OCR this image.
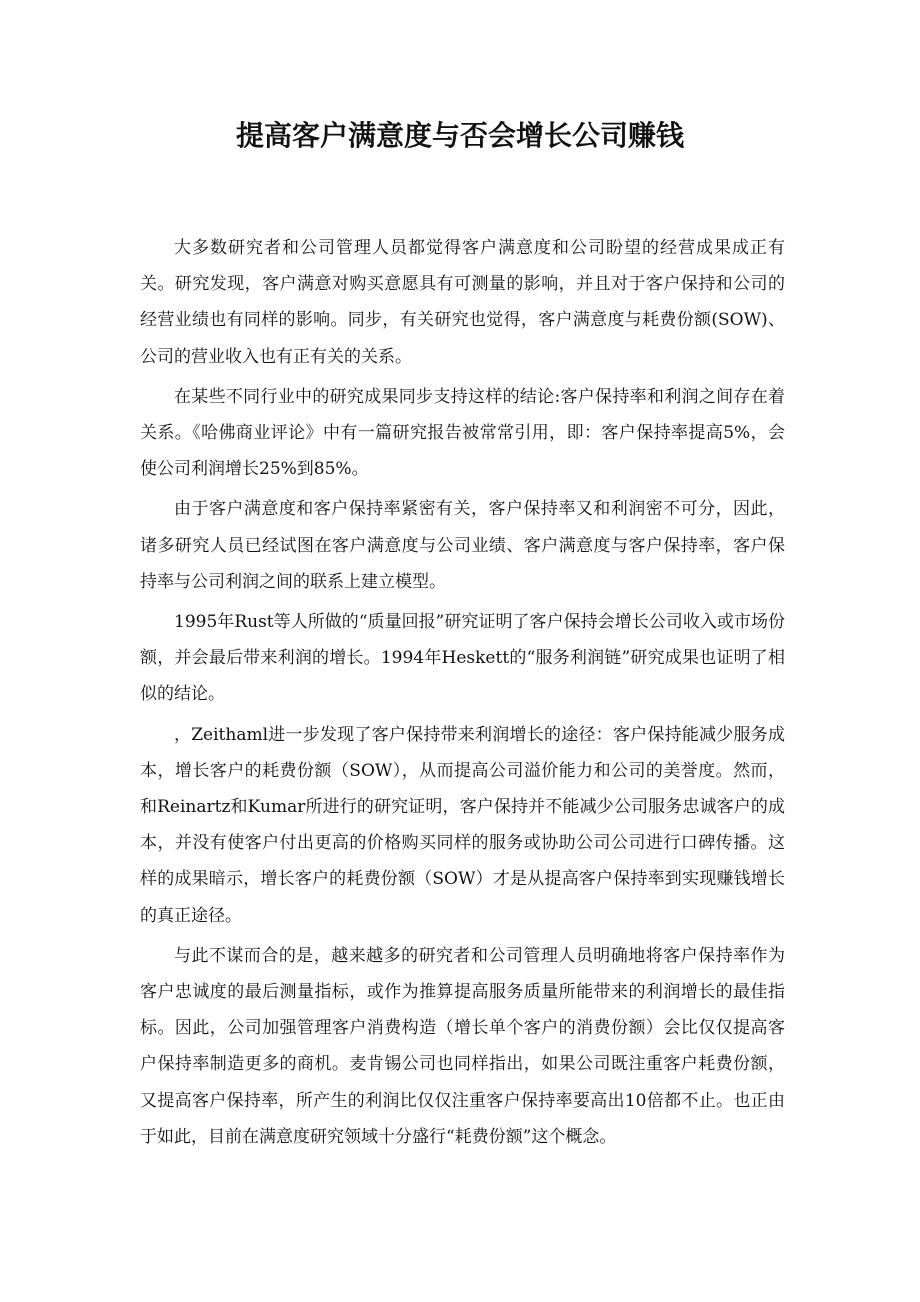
提高客户满意度与否会增长公司赚钱

大多数研究者和公司管理人员都觉得客户满意度和公司盼望的经营成果成正有关。研究发现，客户满意对购买意愿具有可测量的影响，并且对于客户保持和公司的经营业绩也有同样的影响。同步，有关研究也觉得，客户满意度与耗费份额(SOW)、公司的营业收入也有正有关的关系。

在某些不同行业中的研究成果同步支持这样的结论:客户保持率和利润之间存在着关系。《哈佛商业评论》中有一篇研究报告被常常引用，即：客户保持率提高5%，会使公司利润增长25%到85%。

由于客户满意度和客户保持率紧密有关，客户保持率又和利润密不可分，因此，诸多研究人员已经试图在客户满意度与公司业绩、客户满意度与客户保持率，客户保持率与公司利润之间的联系上建立模型。

1995年Rust等人所做的“质量回报”研究证明了客户保持会增长公司收入或市场份额，并会最后带来利润的增长。1994年Heskett的“服务利润链”研究成果也证明了相似的结论。

，Zeithaml进一步发现了客户保持带来利润增长的途径：客户保持能减少服务成本，增长客户的耗费份额（SOW），从而提高公司溢价能力和公司的美誉度。然而，和Reinartz和Kumar所进行的研究证明，客户保持并不能减少公司服务忠诚客户的成本，并没有使客户付出更高的价格购买同样的服务或协助公司公司进行口碑传播。这样的成果暗示，增长客户的耗费份额（SOW）才是从提高客户保持率到实现赚钱增长的真正途径。

与此不谋而合的是，越来越多的研究者和公司管理人员明确地将客户保持率作为客户忠诚度的最后测量指标，或作为推算提高服务质量所能带来的利润增长的最佳指标。因此，公司加强管理客户消费构造（增长单个客户的消费份额）会比仅仅提高客户保持率制造更多的商机。麦肯锡公司也同样指出，如果公司既注重客户耗费份额，又提高客户保持率，所产生的利润比仅仅注重客户保持率要高出10倍都不止。也正由于如此，目前在满意度研究领域十分盛行“耗费份额”这个概念。
